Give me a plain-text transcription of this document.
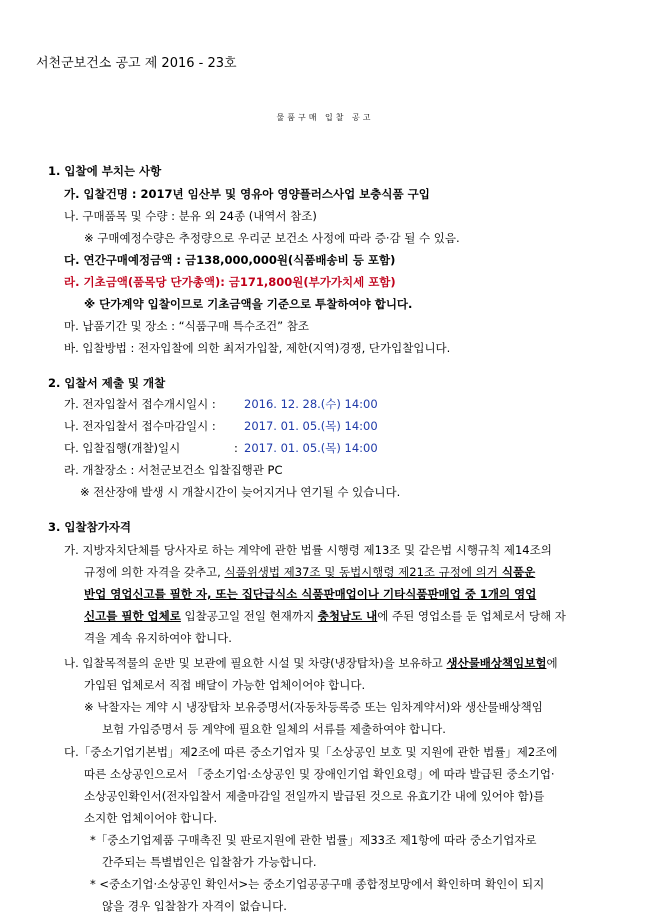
서천군보건소 공고 제 2016 - 23호
물품구매 입찰 공고
1. 입찰에 부치는 사항
가. 입찰건명 : 2017년 임산부 및 영유아 영양플러스사업 보충식품 구입
나. 구매품목 및 수량 : 분유 외 24종 (내역서 참조)
※ 구매예정수량은 추정량으로 우리군 보건소 사정에 따라 증·감 될 수 있음.
다. 연간구매예정금액 : 금138,000,000원(식품배송비 등 포함)
라. 기초금액(품목당 단가총액): 금171,800원(부가가치세 포함)
※ 단가계약 입찰이므로 기초금액을 기준으로 투찰하여야 합니다.
마. 납품기간 및 장소 : “식품구매 특수조건” 참조
바. 입찰방법 : 전자입찰에 의한 최저가입찰, 제한(지역)경쟁, 단가입찰입니다.
2. 입찰서 제출 및 개찰
가. 전자입찰서 접수개시일시 : 2016. 12. 28.(수) 14:00
나. 전자입찰서 접수마감일시 : 2017. 01. 05.(목) 14:00
다. 입찰집행(개찰)일시	: 2017. 01. 05.(목) 14:00
라. 개찰장소 : 서천군보건소 입찰집행관 PC
※ 전산장애 발생 시 개찰시간이 늦어지거나 연기될 수 있습니다.
3. 입찰참가자격
가. 지방자치단체를 당사자로 하는 계약에 관한 법률 시행령 제13조 및 같은법 시행규칙 제14조의
규정에 의한 자격을 갖추고, 식품위생법 제37조 및 동법시행령 제21조 규정에 의거 식품운
반업 영업신고를 필한 자, 또는 집단급식소 식품판매업이나 기타식품판매업 중 1개의 영업
신고를 필한 업체로 입찰공고일 전일 현재까지 충청남도 내에 주된 영업소를 둔 업체로서 당해 자
격을 계속 유지하여야 합니다.
나. 입찰목적물의 운반 및 보관에 필요한 시설 및 차량(냉장탑차)을 보유하고 생산물배상책임보험에
가입된 업체로서 직접 배달이 가능한 업체이어야 합니다.
※ 낙찰자는 계약 시 냉장탑차 보유증명서(자동차등록증 또는 임차계약서)와 생산물배상책임
보험 가입증명서 등 계약에 필요한 일체의 서류를 제출하여야 합니다.
다.「중소기업기본법」제2조에 따른 중소기업자 및「소상공인 보호 및 지원에 관한 법률」제2조에
따른 소상공인으로서 「중소기업·소상공인 및 장애인기업 확인요령」에 따라 발급된 중소기업·
소상공인확인서(전자입찰서 제출마감일 전일까지 발급된 것으로 유효기간 내에 있어야 함)를
소지한 업체이어야 합니다.
*「중소기업제품 구매촉진 및 판로지원에 관한 법률」제33조 제1항에 따라 중소기업자로
간주되는 특별법인은 입찰참가 가능합니다.
* <중소기업·소상공인 확인서>는 중소기업공공구매 종합정보망에서 확인하며 확인이 되지
않을 경우 입찰참가 자격이 없습니다.
